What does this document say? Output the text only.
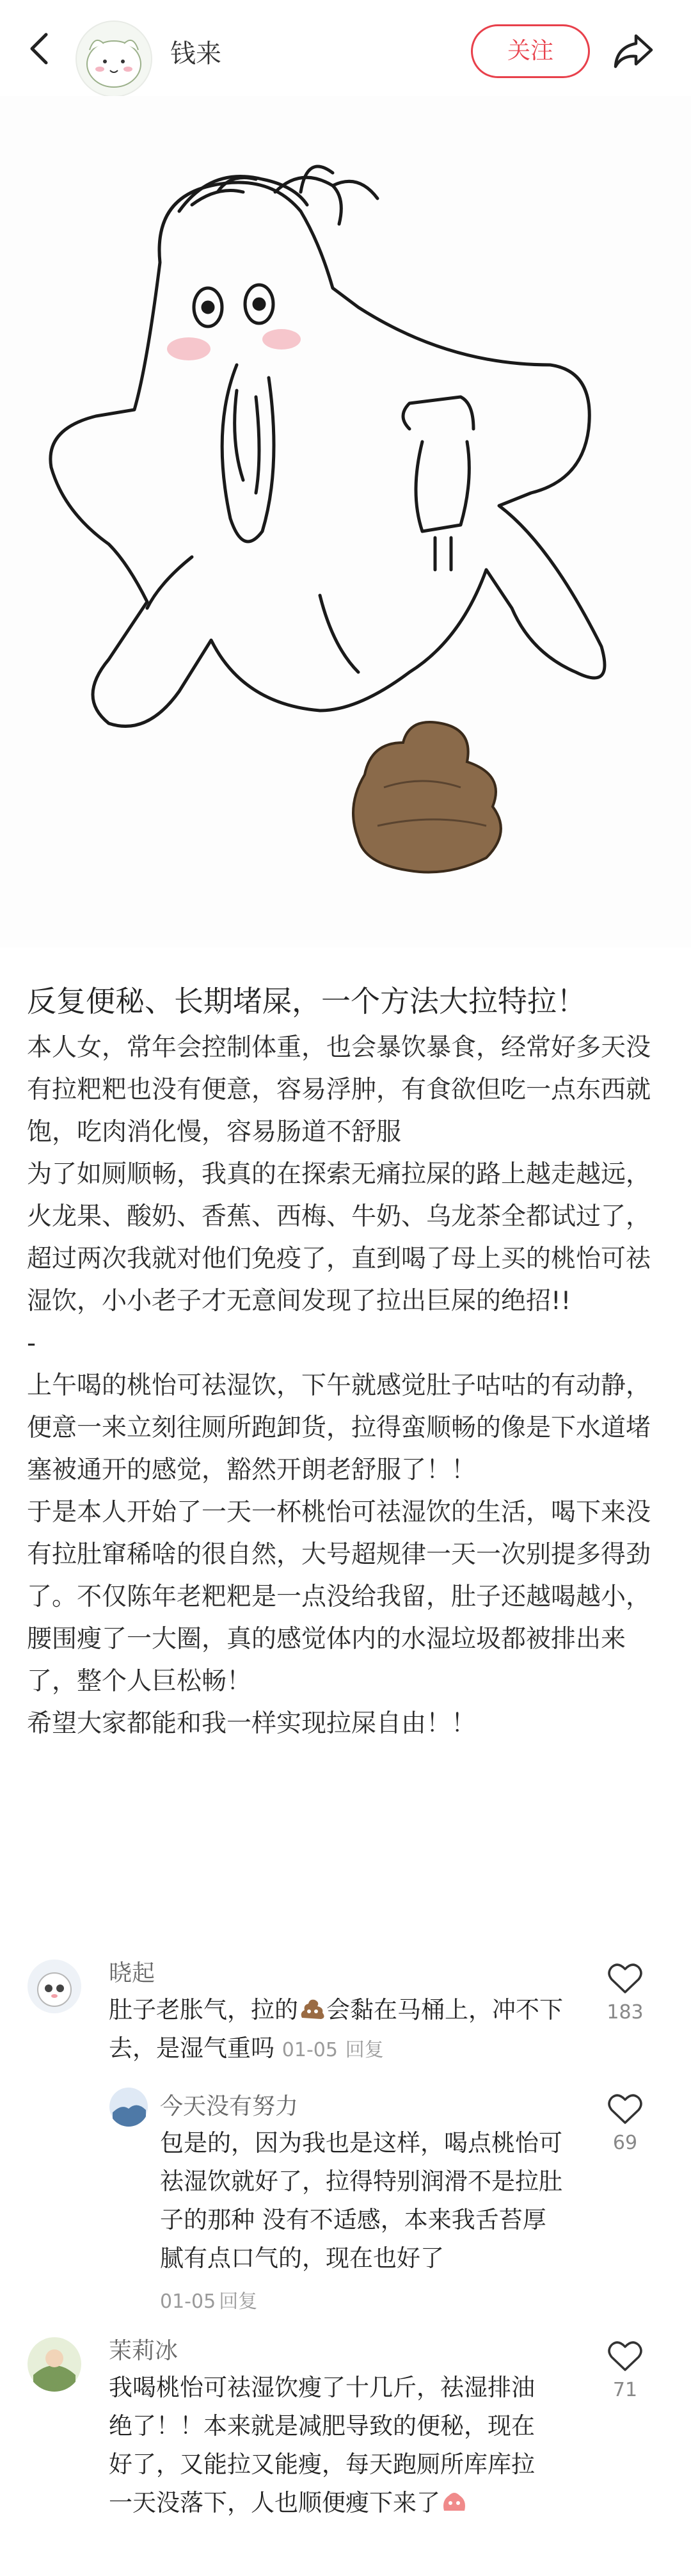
钱来	关注
反复便秘、长期堵屎，一个方法大拉特拉！

本人女，常年会控制体重，也会暴饮暴食，经常好多天没有拉粑粑也没有便意，容易浮肿，有食欲但吃一点东西就饱，吃肉消化慢，容易肠道不舒服

为了如厕顺畅，我真的在探索无痛拉屎的路上越走越远，火龙果、酸奶、香蕉、西梅、牛奶、乌龙茶全都试过了，超过两次我就对他们免疫了，直到喝了母上买的桃怡可祛湿饮，小小老子才无意间发现了拉出巨屎的绝招!!

-

上午喝的桃怡可祛湿饮，下午就感觉肚子咕咕的有动静，便意一来立刻往厕所跑卸货，拉得蛮顺畅的像是下水道堵塞被通开的感觉，豁然开朗老舒服了！！

于是本人开始了一天一杯桃怡可祛湿饮的生活，喝下来没有拉肚窜稀啥的很自然，大号超规律一天一次别提多得劲了。不仅陈年老粑粑是一点没给我留，肚子还越喝越小，腰围瘦了一大圈，真的感觉体内的水湿垃圾都被排出来了，整个人巨松畅！

希望大家都能和我一样实现拉屎自由！！

晓起

肚子老胀气，拉的 会黏在马桶上，冲不下去，是湿气重吗 01-05 回复

183
今天没有努力

包是的，因为我也是这样，喝点桃怡可祛湿饮就好了，拉得特别润滑不是拉肚子的那种 没有不适感，本来我舌苔厚腻有点口气的，现在也好了

01-05 回复
69
茉莉冰

我喝桃怡可祛湿饮瘦了十几斤，祛湿排油绝了！！本来就是减肥导致的便秘，现在好了，又能拉又能瘦，每天跑厕所库库拉一天没落下，人也顺便瘦下来了

71
